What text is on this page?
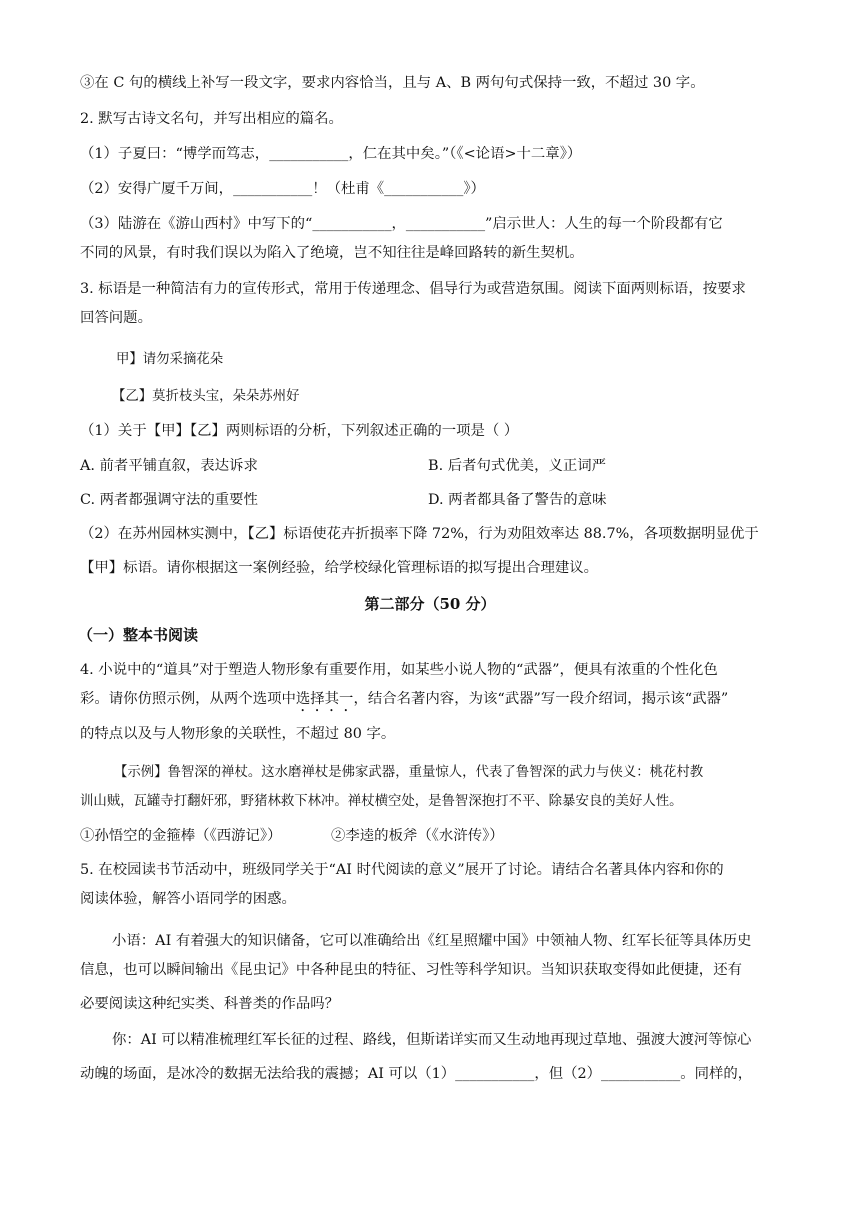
③在 C 句的横线上补写一段文字，要求内容恰当，且与 A、B 两句句式保持一致，不超过 30 字。
2. 默写古诗文名句，并写出相应的篇名。
（1）子夏曰：“博学而笃志，___________，仁在其中矣。”（《<论语>十二章》）
（2）安得广厦千万间，___________！（杜甫《___________》）
（3）陆游在《游山西村》中写下的“___________，___________”启示世人：人生的每一个阶段都有它
不同的风景，有时我们误以为陷入了绝境，岂不知往往是峰回路转的新生契机。
3. 标语是一种简洁有力的宣传形式，常用于传递理念、倡导行为或营造氛围。阅读下面两则标语，按要求
回答问题。
甲】请勿采摘花朵
【乙】莫折枝头宝，朵朵苏州好
（1）关于【甲】【乙】两则标语的分析，下列叙述正确的一项是（ ）
A. 前者平铺直叙，表达诉求	B. 后者句式优美，义正词严
C. 两者都强调守法的重要性	D. 两者都具备了警告的意味
（2）在苏州园林实测中，【乙】标语使花卉折损率下降 72%，行为劝阻效率达 88.7%，各项数据明显优于
【甲】标语。请你根据这一案例经验，给学校绿化管理标语的拟写提出合理建议。
第二部分（50 分）
（一）整本书阅读
4. 小说中的“道具”对于塑造人物形象有重要作用，如某些小说人物的“武器”，便具有浓重的个性化色
彩。请你仿照示例，从两个选项中选择其一，结合名著内容，为该“武器”写一段介绍词，揭示该“武器”
的特点以及与人物形象的关联性，不超过 80 字。
【示例】鲁智深的禅杖。这水磨禅杖是佛家武器，重量惊人，代表了鲁智深的武力与侠义：桃花村教
训山贼，瓦罐寺打翻奸邪，野猪林救下林冲。禅杖横空处，是鲁智深抱打不平、除暴安良的美好人性。
①孙悟空的金箍棒（《西游记》）	②李逵的板斧（《水浒传》）
5. 在校园读书节活动中，班级同学关于“AI 时代阅读的意义”展开了讨论。请结合名著具体内容和你的
阅读体验，解答小语同学的困惑。
小语：AI 有着强大的知识储备，它可以准确给出《红星照耀中国》中领袖人物、红军长征等具体历史
信息，也可以瞬间输出《昆虫记》中各种昆虫的特征、习性等科学知识。当知识获取变得如此便捷，还有
必要阅读这种纪实类、科普类的作品吗？
你：AI 可以精准梳理红军长征的过程、路线，但斯诺详实而又生动地再现过草地、强渡大渡河等惊心
动魄的场面，是冰冷的数据无法给我的震撼；AI 可以（1）___________，但（2）___________。同样的，
